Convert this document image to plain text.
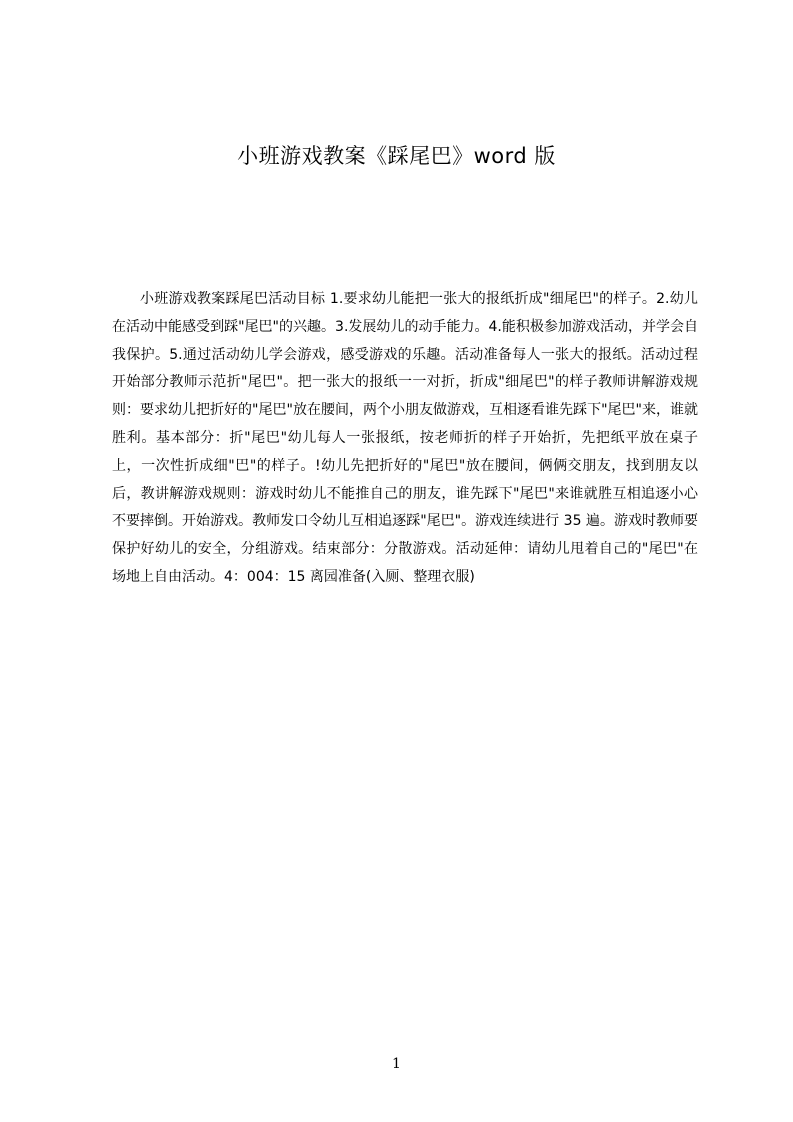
小班游戏教案《踩尾巴》word 版

小班游戏教案踩尾巴活动目标 1.要求幼儿能把一张大的报纸折成"细尾巴"的样子。2.幼儿在活动中能感受到踩"尾巴"的兴趣。3.发展幼儿的动手能力。4.能积极参加游戏活动，并学会自我保护。5.通过活动幼儿学会游戏，感受游戏的乐趣。活动准备每人一张大的报纸。活动过程开始部分教师示范折"尾巴"。把一张大的报纸一一对折，折成"细尾巴"的样子教师讲解游戏规则：要求幼儿把折好的"尾巴"放在腰间，两个小朋友做游戏，互相逐看谁先踩下"尾巴"来，谁就胜利。基本部分：折"尾巴"幼儿每人一张报纸，按老师折的样子开始折，先把纸平放在桌子上，一次性折成细"巴"的样子。!幼儿先把折好的"尾巴"放在腰间，俩俩交朋友，找到朋友以后，教讲解游戏规则：游戏时幼儿不能推自己的朋友，谁先踩下"尾巴"来谁就胜互相追逐小心不要摔倒。开始游戏。教师发口令幼儿互相追逐踩"尾巴"。游戏连续进行 35 遍。游戏时教师要保护好幼儿的安全，分组游戏。结束部分：分散游戏。活动延伸：请幼儿甩着自己的"尾巴"在场地上自由活动。4：004：15 离园准备(入厕、整理衣服)

1
